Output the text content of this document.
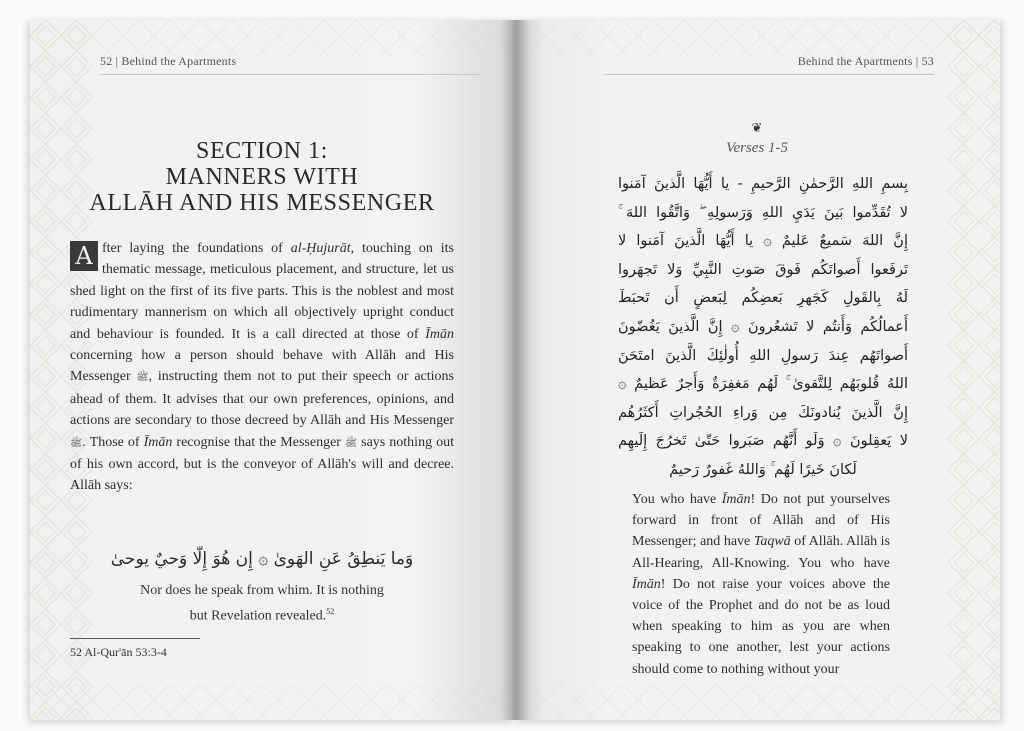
52 | Behind the Apartments	Behind the Apartments | 53
❦
Verses 1-5
بِسمِ اللهِ الرَّحمٰنِ الرَّحيمِ - يا أَيُّهَا الَّذينَ آمَنوا
لا تُقَدِّموا بَينَ يَدَيِ اللهِ وَرَسولِهِ ۖ وَاتَّقُوا اللهَ ۚ
إِنَّ اللهَ سَميعٌ عَليمٌ ۞ يا أَيُّهَا الَّذينَ آمَنوا لا
تَرفَعوا أَصواتَكُم فَوقَ صَوتِ النَّبِيِّ وَلا تَجهَروا
لَهُ بِالقَولِ كَجَهرِ بَعضِكُم لِبَعضٍ أَن تَحبَطَ
أَعمالُكُم وَأَنتُم لا تَشعُرونَ ۞ إِنَّ الَّذينَ يَغُضّونَ
أَصواتَهُم عِندَ رَسولِ اللهِ أُولٰئِكَ الَّذينَ امتَحَنَ
اللهُ قُلوبَهُم لِلتَّقوىٰ ۚ لَهُم مَغفِرَةٌ وَأَجرٌ عَظيمٌ ۞
إِنَّ الَّذينَ يُنادونَكَ مِن وَراءِ الحُجُراتِ أَكثَرُهُم
لا يَعقِلونَ ۞ وَلَو أَنَّهُم صَبَروا حَتّىٰ تَخرُجَ إِلَيهِم
لَكانَ خَيرًا لَهُم ۚ وَاللهُ غَفورٌ رَحيمٌ
You who have Īmān! Do not put yourselves forward in front of Allāh and of His Messenger; and have Taqwā of Allāh. Allāh is All-Hearing, All-Knowing. You who have Īmān! Do not raise your voices above the voice of the Prophet and do not be as loud when speaking to him as you are when speaking to one another, lest your actions should come to nothing without your
SECTION 1:
MANNERS WITH
ALLĀH AND HIS MESSENGER
A fter laying the foundations of al-Ḥujurāt, touching on its thematic message, meticulous placement, and structure, let us shed light on the first of its five parts. This is the noblest and most rudimentary mannerism on which all objectively upright conduct and behaviour is founded. It is a call directed at those of Īmān concerning how a person should behave with Allāh and His Messenger ﷺ, instructing them not to put their speech or actions ahead of them. It advises that our own preferences, opinions, and actions are secondary to those decreed by Allāh and His Messenger ﷺ. Those of Īmān recognise that the Messenger ﷺ says nothing out of his own accord, but is the conveyor of Allāh's will and decree. Allāh says:
وَما يَنطِقُ عَنِ الهَوىٰ ۞ إِن هُوَ إِلّا وَحيٌ يوحىٰ
Nor does he speak from whim. It is nothing
but Revelation revealed.$^{52}$
52 Al-Qur'ān 53:3-4
